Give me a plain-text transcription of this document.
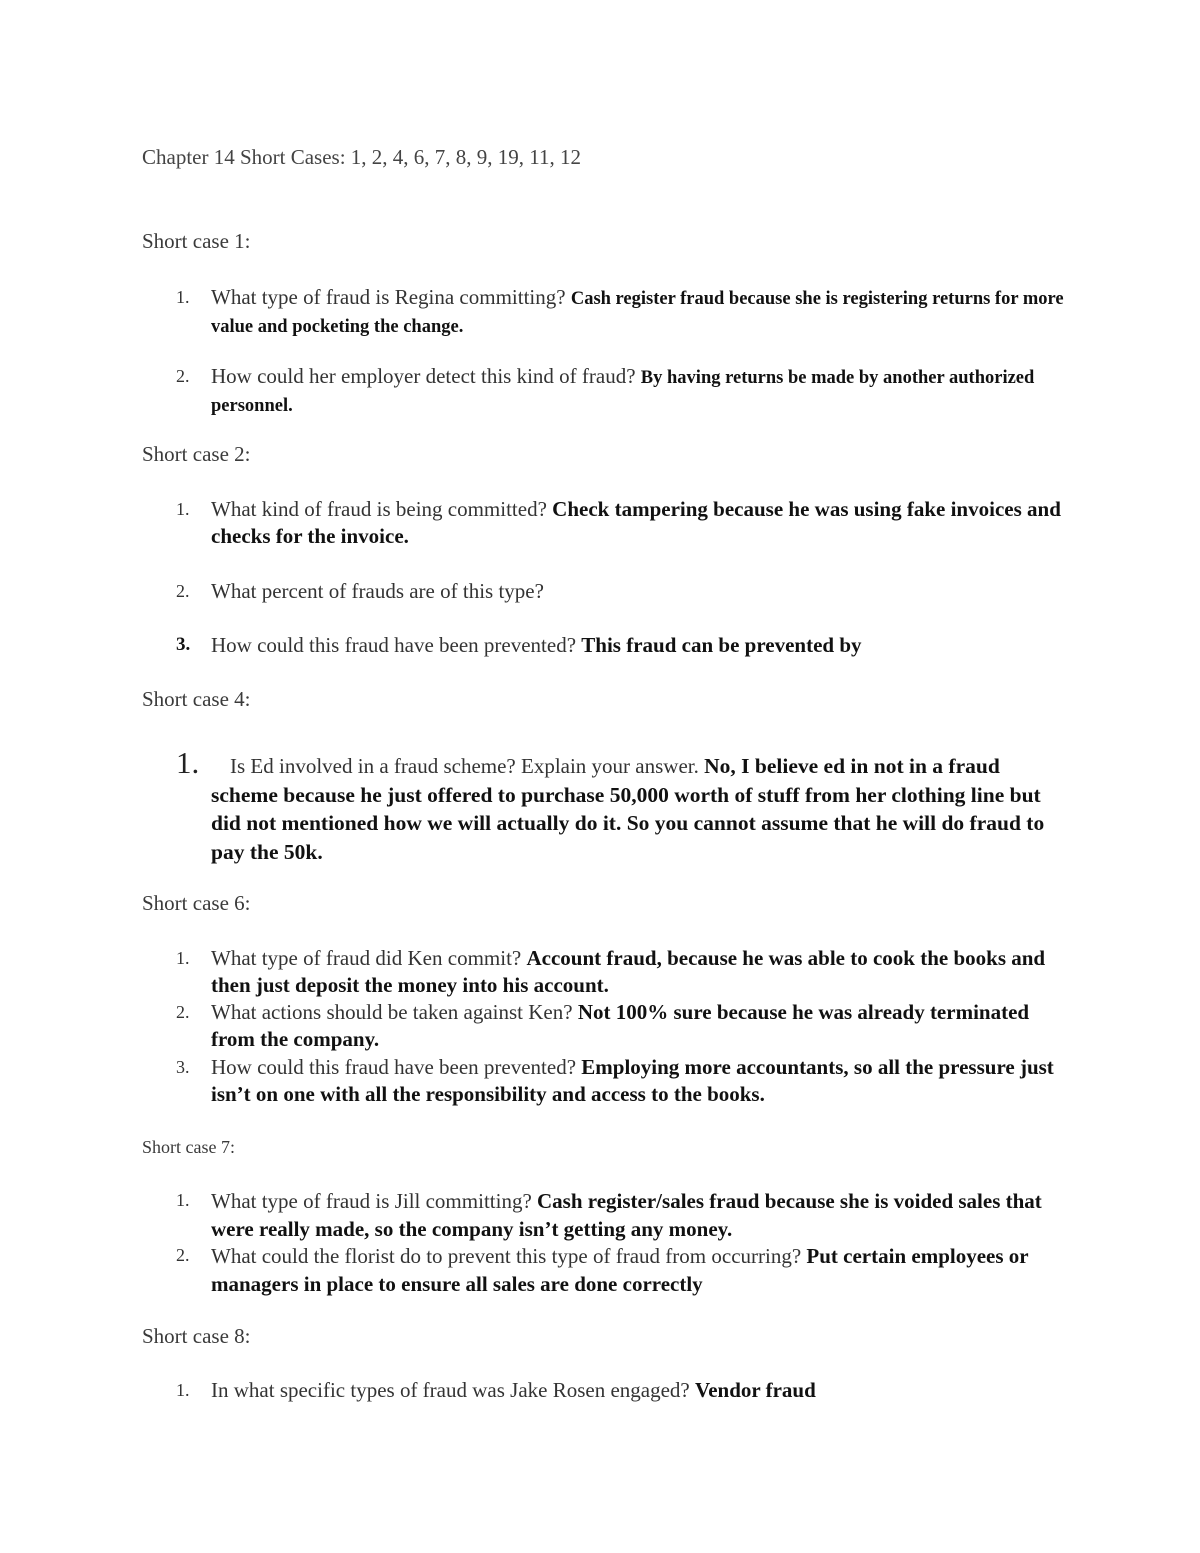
Chapter 14 Short Cases: 1, 2, 4, 6, 7, 8, 9, 19, 11, 12
Short case 1:
1. What type of fraud is Regina committing? Cash register fraud because she is registering returns for more value and pocketing the change.
2. How could her employer detect this kind of fraud? By having returns be made by another authorized personnel.
Short case 2:
1. What kind of fraud is being committed? Check tampering because he was using fake invoices and checks for the invoice.
2. What percent of frauds are of this type?
3. How could this fraud have been prevented? This fraud can be prevented by
Short case 4:
1.	Is Ed involved in a fraud scheme? Explain your answer. No, I believe ed in not in a fraud scheme because he just offered to purchase 50,000 worth of stuff from her clothing line but did not mentioned how we will actually do it. So you cannot assume that he will do fraud to pay the 50k.
Short case 6:
1. What type of fraud did Ken commit? Account fraud, because he was able to cook the books and then just deposit the money into his account.
2. What actions should be taken against Ken? Not 100% sure because he was already terminated from the company.
3. How could this fraud have been prevented? Employing more accountants, so all the pressure just isn’t on one with all the responsibility and access to the books.
Short case 7:
1. What type of fraud is Jill committing? Cash register/sales fraud because she is voided sales that were really made, so the company isn’t getting any money.
2. What could the florist do to prevent this type of fraud from occurring? Put certain employees or managers in place to ensure all sales are done correctly
Short case 8:
1. In what specific types of fraud was Jake Rosen engaged? Vendor fraud
